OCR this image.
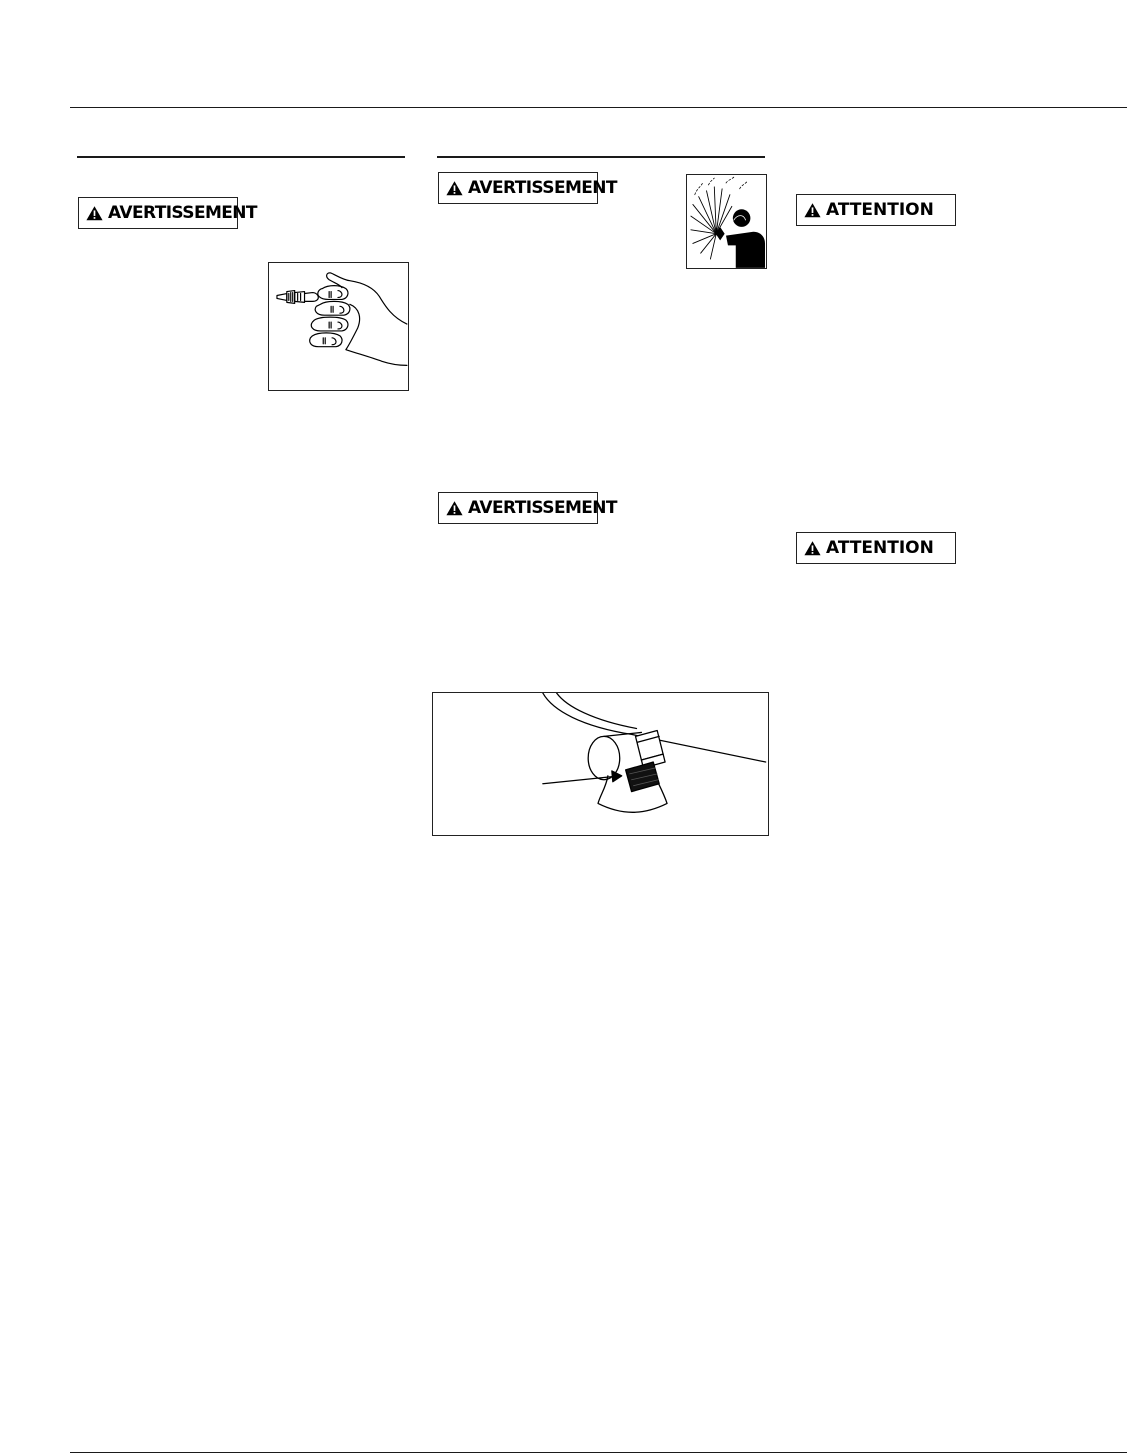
AVERTISSEMENT
AVERTISSEMENT
AVERTISSEMENT
ATTENTION
ATTENTION
